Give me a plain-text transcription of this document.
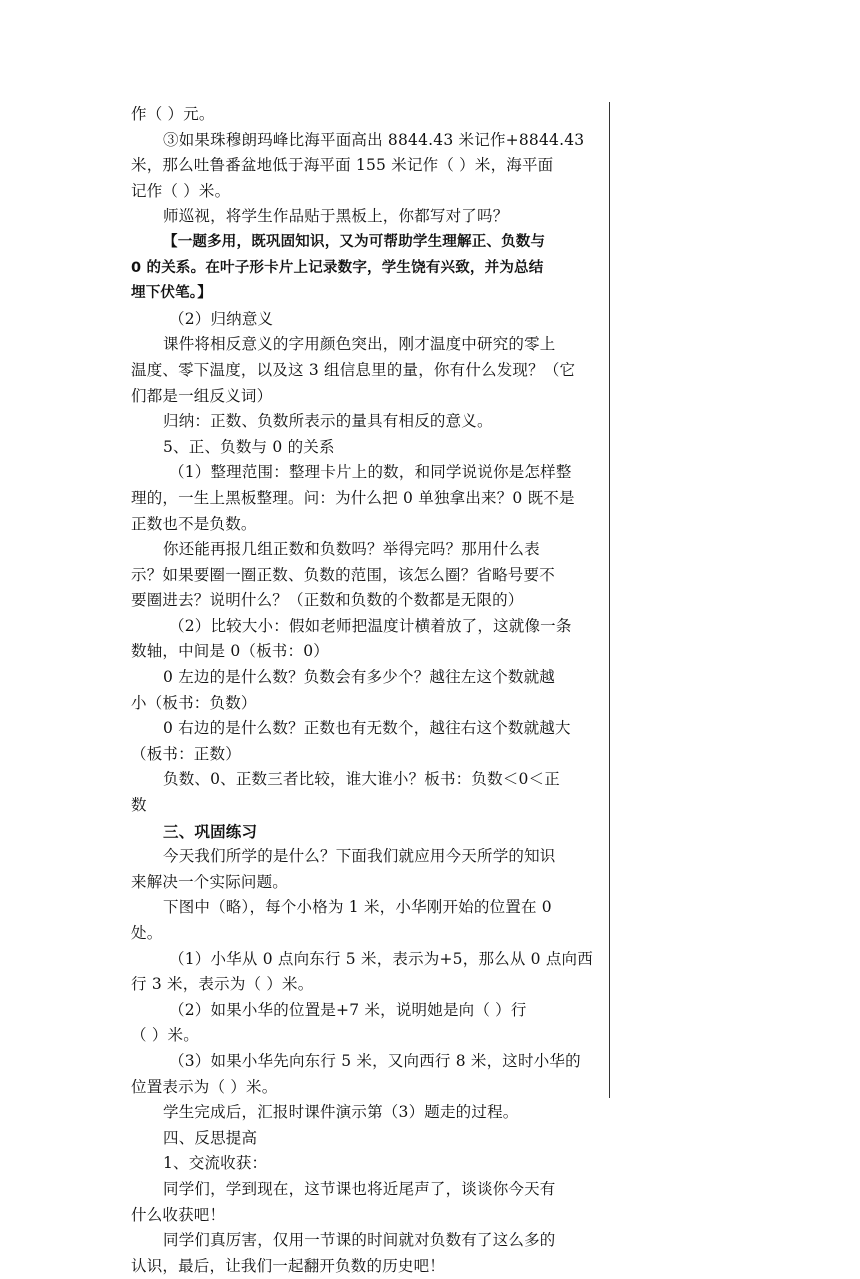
作（ ）元。
③如果珠穆朗玛峰比海平面高出 8844.43 米记作+8844.43
米，那么吐鲁番盆地低于海平面 155 米记作（ ）米，海平面
记作（ ）米。
师巡视，将学生作品贴于黑板上，你都写对了吗？
【一题多用，既巩固知识，又为可帮助学生理解正、负数与
0 的关系。在叶子形卡片上记录数字，学生饶有兴致，并为总结
埋下伏笔。】
（2）归纳意义
课件将相反意义的字用颜色突出，刚才温度中研究的零上
温度、零下温度，以及这 3 组信息里的量，你有什么发现？（它
们都是一组反义词）
归纳：正数、负数所表示的量具有相反的意义。
5、正、负数与 0 的关系
（1）整理范围：整理卡片上的数，和同学说说你是怎样整
理的，一生上黑板整理。问：为什么把 0 单独拿出来？0 既不是
正数也不是负数。
你还能再报几组正数和负数吗？举得完吗？那用什么表
示？如果要圈一圈正数、负数的范围，该怎么圈？省略号要不
要圈进去？说明什么？（正数和负数的个数都是无限的）
（2）比较大小：假如老师把温度计横着放了，这就像一条
数轴，中间是 0（板书：0）
0 左边的是什么数？负数会有多少个？越往左这个数就越
小（板书：负数）
0 右边的是什么数？正数也有无数个，越往右这个数就越大
（板书：正数）
负数、0、正数三者比较，谁大谁小？板书：负数＜0＜正
数
三、巩固练习
今天我们所学的是什么？下面我们就应用今天所学的知识
来解决一个实际问题。
下图中（略），每个小格为 1 米，小华刚开始的位置在 0
处。
（1）小华从 0 点向东行 5 米，表示为+5，那么从 0 点向西
行 3 米，表示为（ ）米。
（2）如果小华的位置是+7 米，说明她是向（ ）行
（ ）米。
（3）如果小华先向东行 5 米，又向西行 8 米，这时小华的
位置表示为（ ）米。
学生完成后，汇报时课件演示第（3）题走的过程。
四、反思提高
1、交流收获：
同学们，学到现在，这节课也将近尾声了，谈谈你今天有
什么收获吧！
同学们真厉害，仅用一节课的时间就对负数有了这么多的
认识，最后，让我们一起翻开负数的历史吧！
